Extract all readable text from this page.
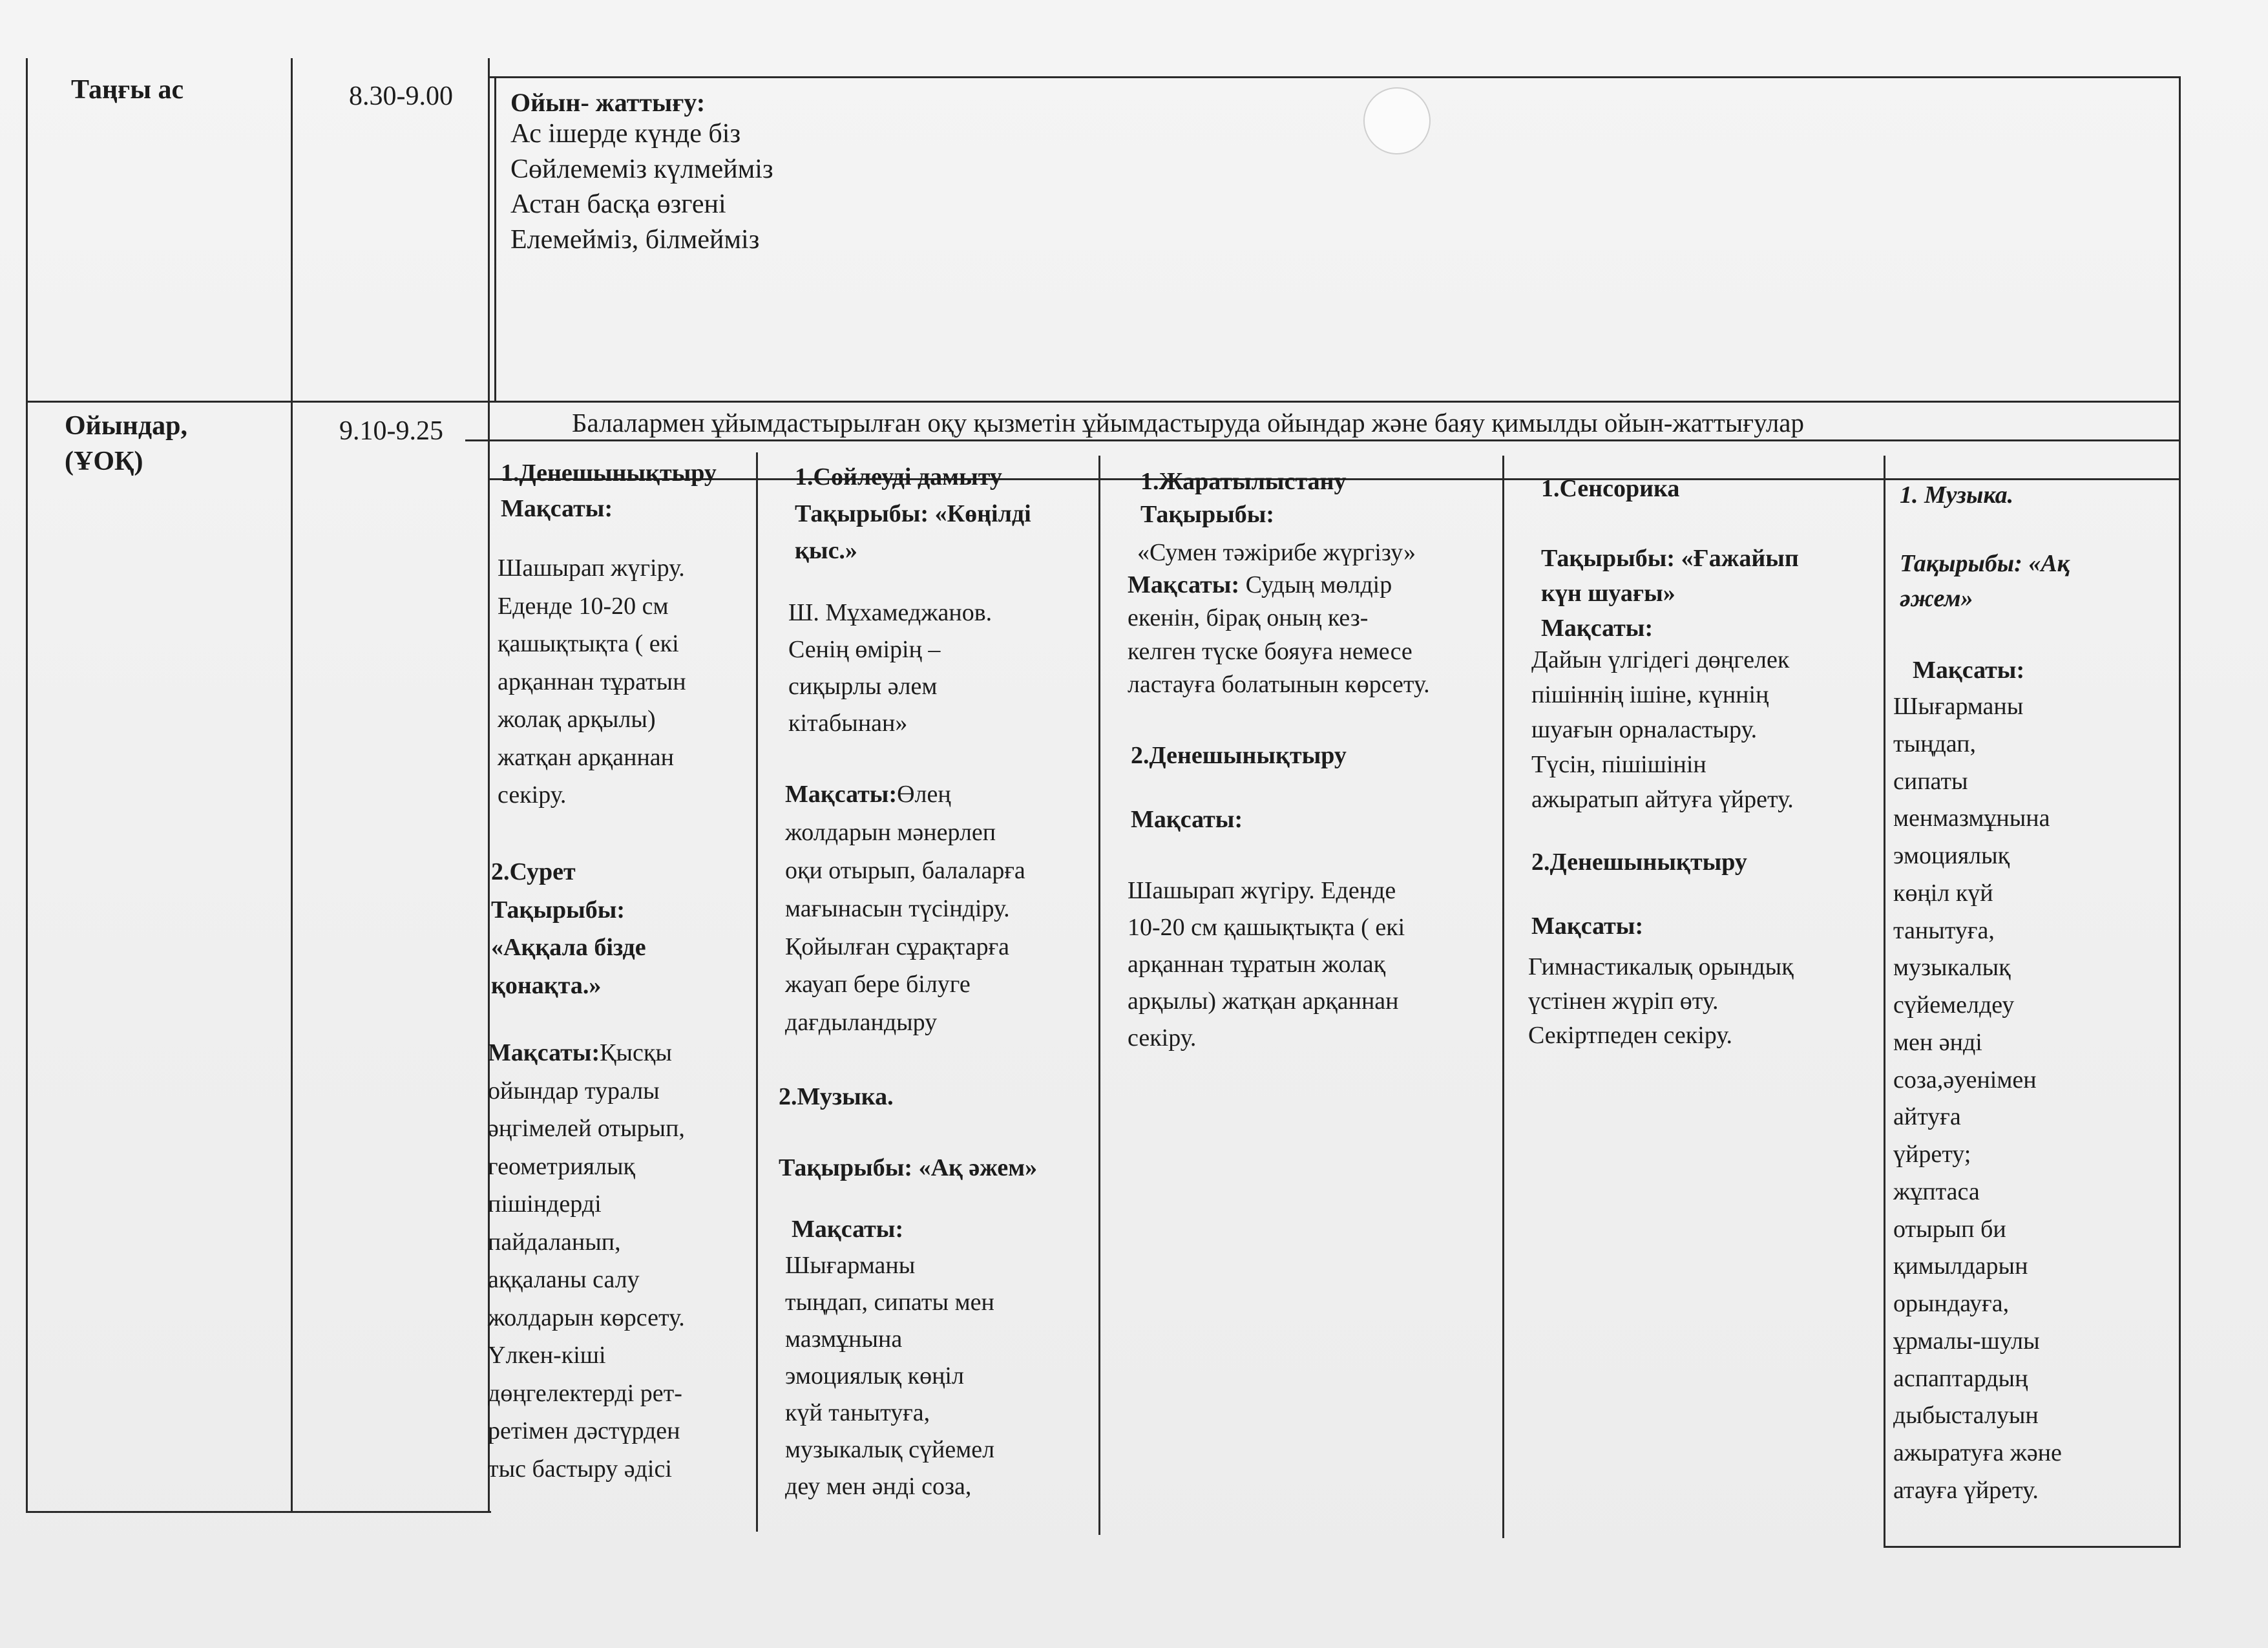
Таңғы ас	8.30-9.00 Ойын- жаттығу:
Ас ішерде күнде біз
Сөйлемеміз күлмейміз
Астан басқа өзгені
Елемейміз, білмейміз
Ойындар,
(ҰОҚ)
9.10-9.25	Балалармен ұйымдастырылған оқу қызметін ұйымдастыруда ойындар және баяу қимылды ойын-жаттығулар
1.Денешынықтыру
Мақсаты:
Шашырап жүгіру.
Еденде 10-20 см
қашықтықта ( екі
арқаннан тұратын
жолақ арқылы)
жатқан арқаннан
секіру.
2.Сурет
Тақырыбы:
«Аққала бізде
қонақта.»
Мақсаты:Қысқы
ойындар туралы
әңгімелей отырып,
геометриялық
пішіндерді
пайдаланып,
аққаланы салу
жолдарын көрсету.
Үлкен-кіші
дөңгелектерді рет-
ретімен дәстүрден
тыс бастыру әдісі
1.Сөйлеуді дамыту
Тақырыбы: «Көңілді
қыс.»
Ш. Мұхамеджанов.
Сенің өмірің –
сиқырлы әлем
кітабынан»
Мақсаты:Өлең
жолдарын мәнерлеп
оқи отырып, балаларға
мағынасын түсіндіру.
Қойылған сұрақтарға
жауап бере білуге
дағдыландыру
2.Музыка.

Тақырыбы: «Ақ әжем»
Мақсаты:
Шығарманы
тыңдап, сипаты мен
мазмұнына
эмоциялық көңіл
күй танытуға,
музыкалық сүйемел
деу мен әнді соза,
1.Жаратылыстану
Тақырыбы:
«Сумен тәжірибе жүргізу»
Мақсаты: Судың мөлдір
екенін, бірақ оның кез-
келген түске бояуға немесе
ластауға болатынын көрсету.
2.Денешынықтыру

Мақсаты:
Шашырап жүгіру. Еденде
10-20 см қашықтықта ( екі
арқаннан тұратын жолақ
арқылы) жатқан арқаннан
секіру.
1.Сенсорика

Тақырыбы: «Ғажайып
күн шуағы»
Мақсаты:
Дайын үлгідегі дөңгелек
пішіннің ішіне, күннің
шуағын орналастыру.
Түсін, пішішінін
ажыратып айтуға үйрету.
2.Денешынықтыру

Мақсаты:
Гимнастикалық орындық
үстінен жүріп өту.
Секіртпеден секіру.
1. Музыка.

Тақырыбы: «Ақ
әжем»
Мақсаты:
Шығарманы
тыңдап,
сипаты
менмазмұнына
эмоциялық
көңіл күй
танытуға,
музыкалық
сүйемелдеу
мен әнді
соза,әуенімен
айтуға
үйрету;
жұптаса
отырып би
қимылдарын
орындауға,
ұрмалы-шулы
аспаптардың
дыбысталуын
ажыратуға және
атауға үйрету.
